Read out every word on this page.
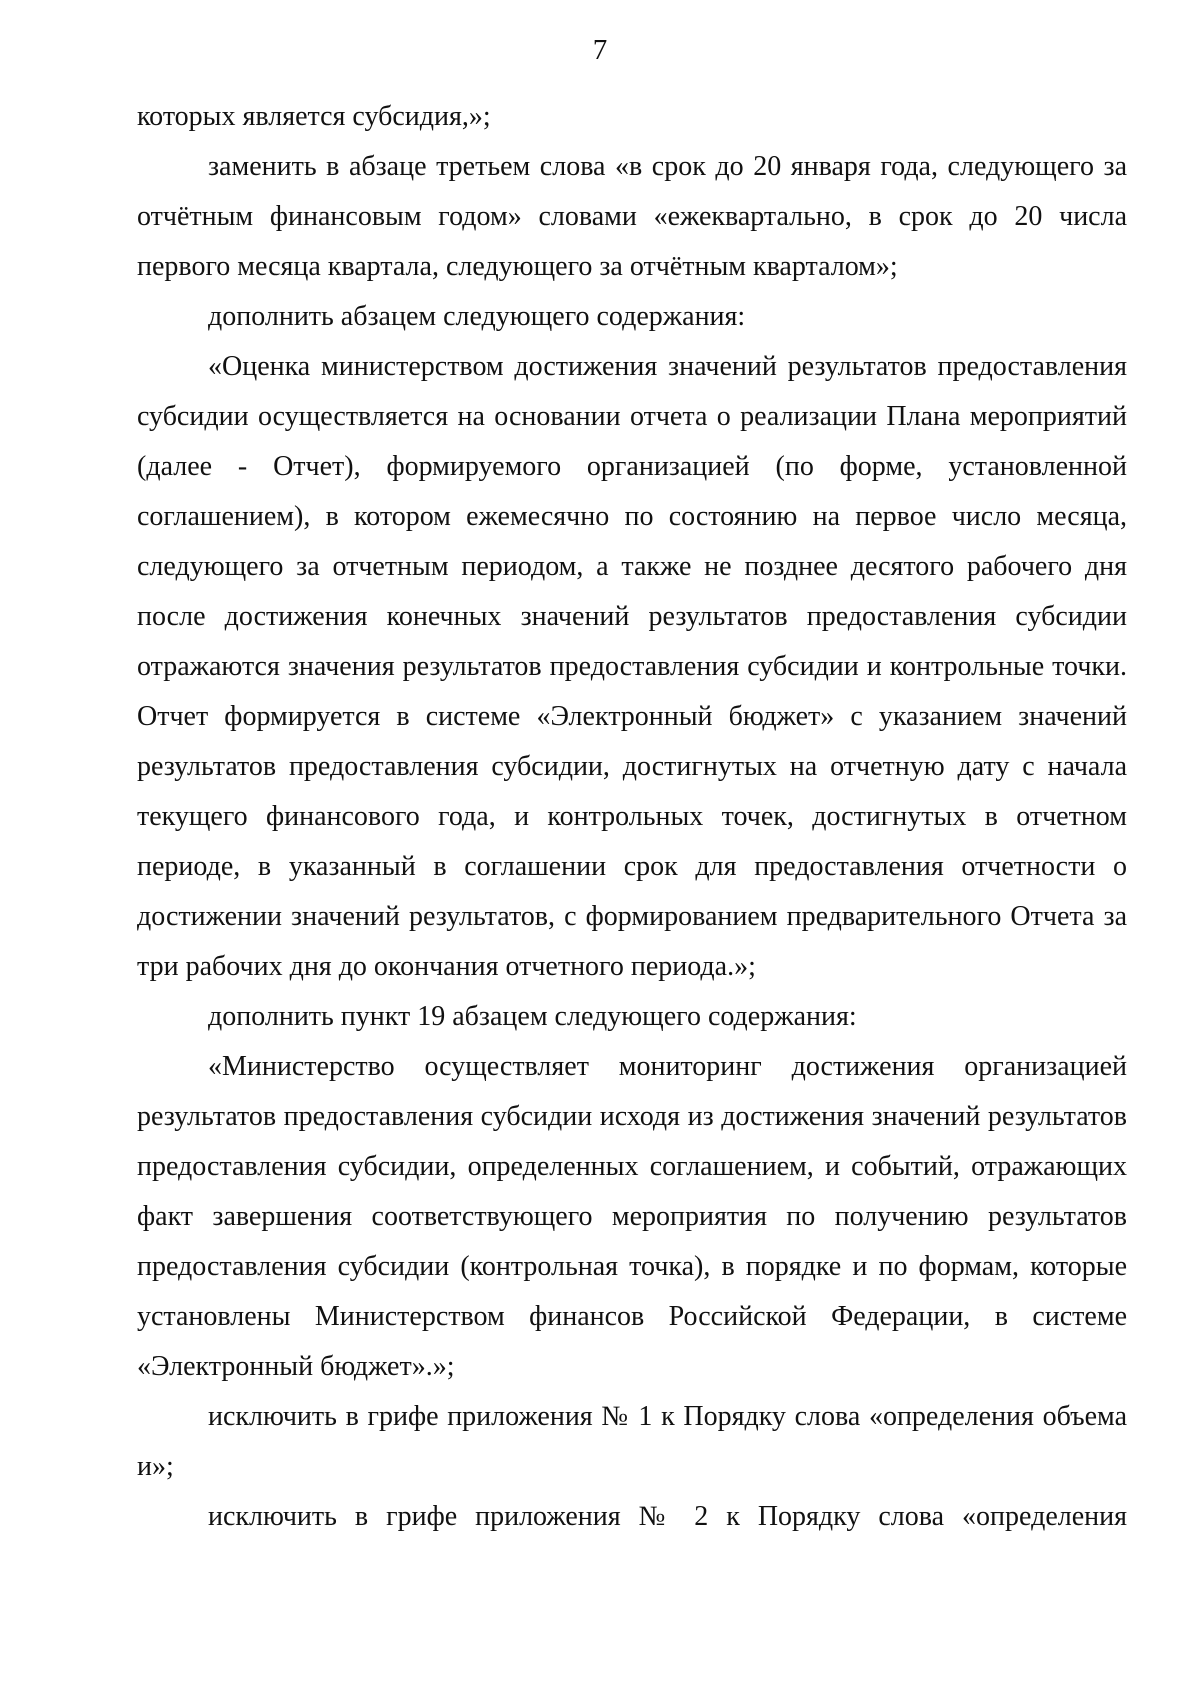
7

которых является субсидия,»;

заменить в абзаце третьем слова «в срок до 20 января года, следующего за отчётным финансовым годом» словами «ежеквартально, в срок до 20 числа первого месяца квартала, следующего за отчётным кварталом»;

дополнить абзацем следующего содержания:

«Оценка министерством достижения значений результатов предоставления субсидии осуществляется на основании отчета о реализации Плана мероприятий (далее - Отчет), формируемого организацией (по форме, установленной соглашением), в котором ежемесячно по состоянию на первое число месяца, следующего за отчетным периодом, а также не позднее десятого рабочего дня после достижения конечных значений результатов предоставления субсидии отражаются значения результатов предоставления субсидии и контрольные точки. Отчет формируется в системе «Электронный бюджет» с указанием значений результатов предоставления субсидии, достигнутых на отчетную дату с начала текущего финансового года, и контрольных точек, достигнутых в отчетном периоде, в указанный в соглашении срок для предоставления отчетности о достижении значений результатов, с формированием предварительного Отчета за три рабочих дня до окончания отчетного периода.»;

дополнить пункт 19 абзацем следующего содержания:

«Министерство осуществляет мониторинг достижения организацией результатов предоставления субсидии исходя из достижения значений результатов предоставления субсидии, определенных соглашением, и событий, отражающих факт завершения соответствующего мероприятия по получению результатов предоставления субсидии (контрольная точка), в порядке и по формам, которые установлены Министерством финансов Российской Федерации, в системе «Электронный бюджет».»;

исключить в грифе приложения № 1 к Порядку слова «определения объема и»;

исключить в грифе приложения № 2 к Порядку слова «определения
